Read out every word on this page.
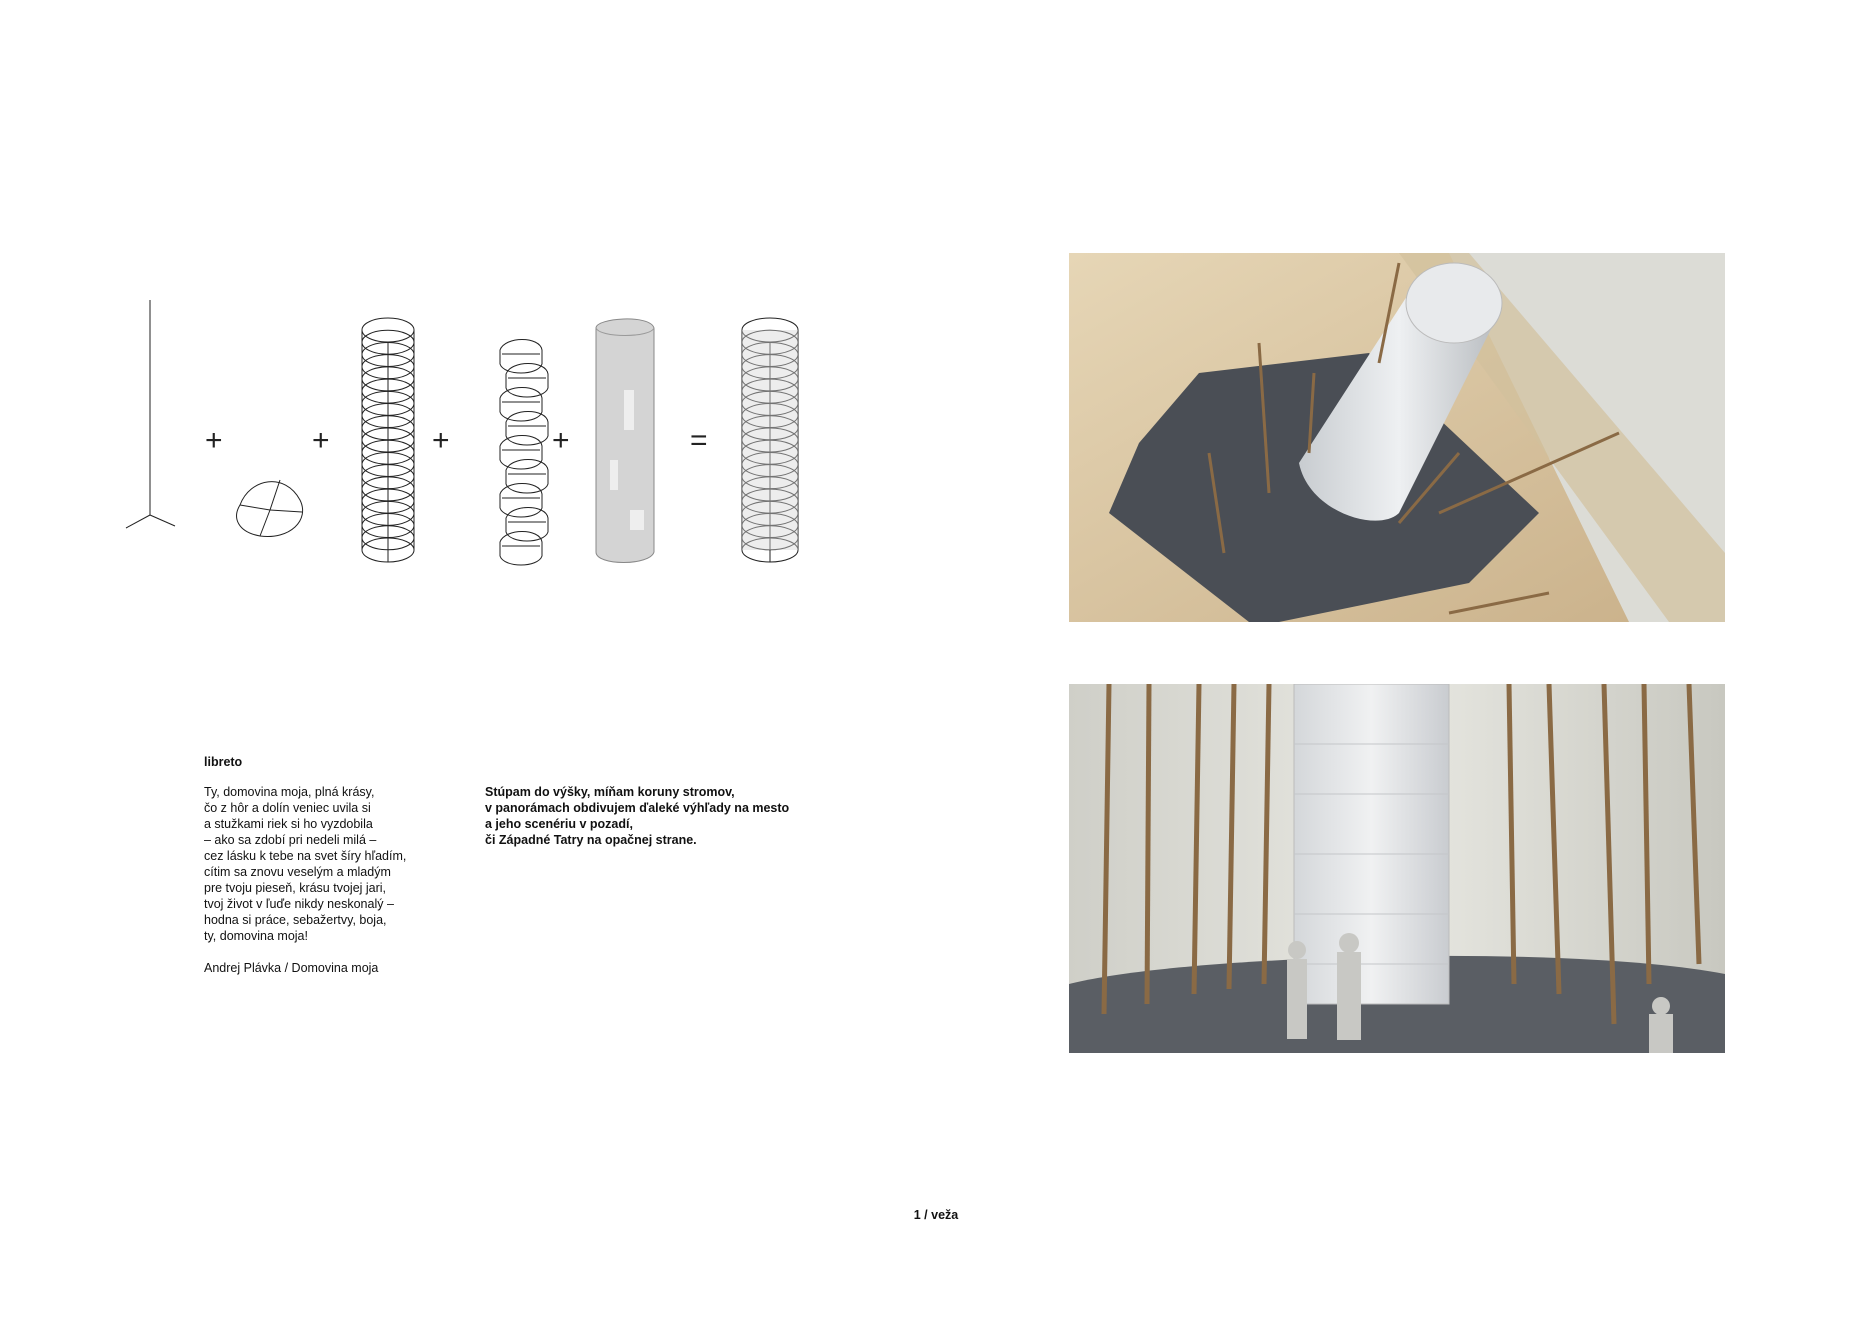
+	+	+	+	=
libreto
Ty, domovina moja, plná krásy,
čo z hôr a dolín veniec uvila si
a stužkami riek si ho vyzdobila
– ako sa zdobí pri nedeli milá –
cez lásku k tebe na svet šíry hľadím,
cítim sa znovu veselým a mladým
pre tvoju pieseň, krásu tvojej jari,
tvoj život v ľuďe nikdy neskonalý –
hodna si práce, sebažertvy, boja,
ty, domovina moja!
Andrej Plávka / Domovina moja
Stúpam do výšky, míňam koruny stromov,
v panorámach obdivujem ďaleké výhľady na mesto
a jeho scenériu v pozadí,
či Západné Tatry na opačnej strane.
1 / veža
